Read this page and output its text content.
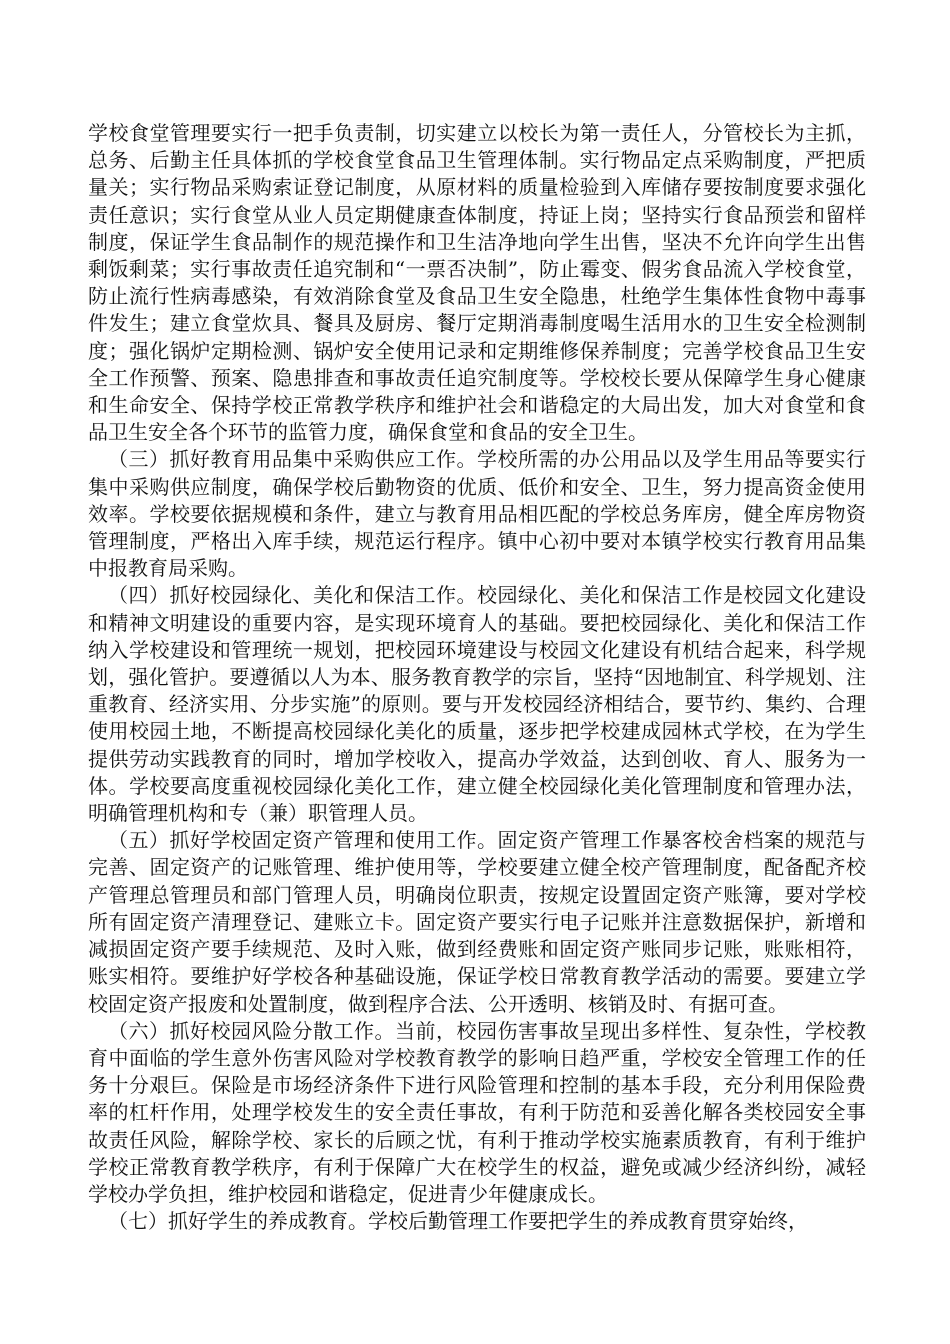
学校食堂管理要实行一把手负责制，切实建立以校长为第一责任人，分管校长为主抓，总务、后勤主任具体抓的学校食堂食品卫生管理体制。实行物品定点采购制度，严把质量关；实行物品采购索证登记制度，从原材料的质量检验到入库储存要按制度要求强化责任意识；实行食堂从业人员定期健康查体制度，持证上岗；坚持实行食品预尝和留样制度，保证学生食品制作的规范操作和卫生洁净地向学生出售，坚决不允许向学生出售剩饭剩菜；实行事故责任追究制和“一票否决制”，防止霉变、假劣食品流入学校食堂，防止流行性病毒感染，有效消除食堂及食品卫生安全隐患，杜绝学生集体性食物中毒事件发生；建立食堂炊具、餐具及厨房、餐厅定期消毒制度喝生活用水的卫生安全检测制度；强化锅炉定期检测、锅炉安全使用记录和定期维修保养制度；完善学校食品卫生安全工作预警、预案、隐患排查和事故责任追究制度等。学校校长要从保障学生身心健康和生命安全、保持学校正常教学秩序和维护社会和谐稳定的大局出发，加大对食堂和食品卫生安全各个环节的监管力度，确保食堂和食品的安全卫生。

（三）抓好教育用品集中采购供应工作。学校所需的办公用品以及学生用品等要实行集中采购供应制度，确保学校后勤物资的优质、低价和安全、卫生，努力提高资金使用效率。学校要依据规模和条件，建立与教育用品相匹配的学校总务库房，健全库房物资管理制度，严格出入库手续，规范运行程序。镇中心初中要对本镇学校实行教育用品集中报教育局采购。

（四）抓好校园绿化、美化和保洁工作。校园绿化、美化和保洁工作是校园文化建设和精神文明建设的重要内容，是实现环境育人的基础。要把校园绿化、美化和保洁工作纳入学校建设和管理统一规划，把校园环境建设与校园文化建设有机结合起来，科学规划，强化管护。要遵循以人为本、服务教育教学的宗旨，坚持“因地制宜、科学规划、注重教育、经济实用、分步实施”的原则。要与开发校园经济相结合，要节约、集约、合理使用校园土地，不断提高校园绿化美化的质量，逐步把学校建成园林式学校，在为学生提供劳动实践教育的同时，增加学校收入，提高办学效益，达到创收、育人、服务为一体。学校要高度重视校园绿化美化工作，建立健全校园绿化美化管理制度和管理办法，明确管理机构和专（兼）职管理人员。

（五）抓好学校固定资产管理和使用工作。固定资产管理工作暴客校舍档案的规范与完善、固定资产的记账管理、维护使用等，学校要建立健全校产管理制度，配备配齐校产管理总管理员和部门管理人员，明确岗位职责，按规定设置固定资产账簿，要对学校所有固定资产清理登记、建账立卡。固定资产要实行电子记账并注意数据保护，新增和减损固定资产要手续规范、及时入账，做到经费账和固定资产账同步记账，账账相符，账实相符。要维护好学校各种基础设施，保证学校日常教育教学活动的需要。要建立学校固定资产报废和处置制度，做到程序合法、公开透明、核销及时、有据可查。

（六）抓好校园风险分散工作。当前，校园伤害事故呈现出多样性、复杂性，学校教育中面临的学生意外伤害风险对学校教育教学的影响日趋严重，学校安全管理工作的任务十分艰巨。保险是市场经济条件下进行风险管理和控制的基本手段，充分利用保险费率的杠杆作用，处理学校发生的安全责任事故，有利于防范和妥善化解各类校园安全事故责任风险，解除学校、家长的后顾之忧，有利于推动学校实施素质教育，有利于维护学校正常教育教学秩序，有利于保障广大在校学生的权益，避免或减少经济纠纷，减轻学校办学负担，维护校园和谐稳定，促进青少年健康成长。

（七）抓好学生的养成教育。学校后勤管理工作要把学生的养成教育贯穿始终，
